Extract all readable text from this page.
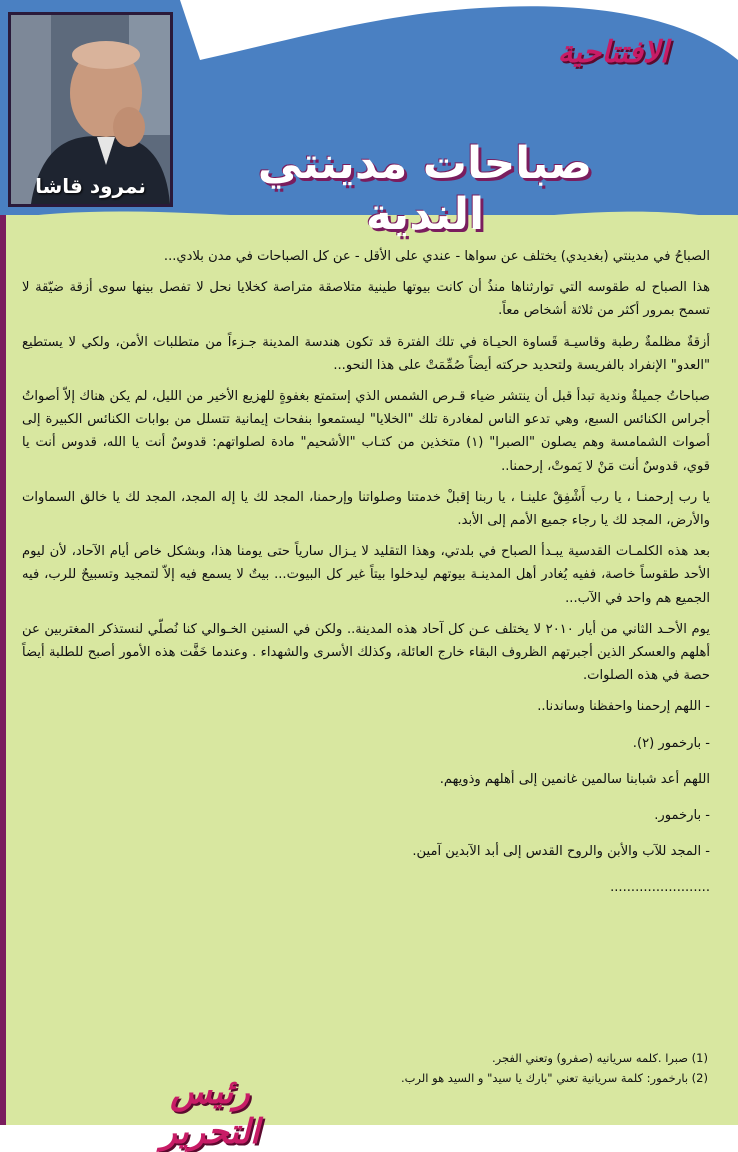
نمرود قاشا
الافتتاحية
صباحات مدينتي الندية

الصباحُ في مدينتي (بغديدي) يختلف عن سواها - عندي على الأقل - عن كل الصباحات في مدن بلادي...

هذا الصباح له طقوسه التي توارثناها منذُ أن كانت بيوتها طينية متلاصقة متراصة كخلايا نحل لا تفصل بينها سوى أزقة ضيّقة لا تسمح بمرور أكثر من ثلاثة أشخاص معاً.

أزقةٌ مظلمةٌ رطبة وقاسيـة قَساوة الحيـاة في تلك الفترة قد تكون هندسة المدينة جـزءاً من متطلبات الأمن، ولكي لا يستطيع "العدو" الإنفراد بالفريسة ولتحديد حركته أيضاً صُمِّمَتْ على هذا النحو...

صباحاتُ جميلةٌ وندية تبدأ قبل أن ينتشر ضياء قـرص الشمس الذي إستمتع بغفوةٍ للهزيع الأخير من الليل، لم يكن هناك إلاّ أصواتُ أجراس الكنائس السبع، وهي تدعو الناس لمغادرة تلك "الخلايا" ليستمعوا بنفحات إيمانية تتسلل من بوابات الكنائس الكبيرة إلى أصوات الشمامسة وهم يصلون "الصبرا" (١) متخذين من كتـاب "الأشحيم" مادة لصلواتهم: قدوسٌ أنت يا الله، قدوس أنت يا قوي، قدوسٌ أنت مَنْ لا يَموتْ، إرحمنا..

يا رب إرحمنـا ، يا رب أَشْفِقْ علينـا ، يا ربنا إقبلْ خدمتنا وصلواتنا وإرحمنا، المجد لك يا إله المجد، المجد لك يا خالق السماوات والأرض، المجد لك يا رجاء جميع الأمم إلى الأبد.

بعد هذه الكلمـات القدسية يبـدأ الصباح في بلدتي، وهذا التقليد لا يـزال سارياً حتى يومنا هذا، وبشكل خاص أيام الآحاد، لأن ليوم الأحد طقوساً خاصة، ففيه يُغادر أهل المدينـة بيوتهم ليدخلوا بيتاً غير كل البيوت... بيتٌ لا يسمع فيه إلاّ لتمجيد وتسبيحٌ للرب، فيه الجميع هم واحد في الآب...

يوم الأحـد الثاني من أيار ٢٠١٠ لا يختلف عـن كل آحاد هذه المدينة.. ولكن في السنين الخـوالي كنا نُصلّي لنستذكر المغتربين عن أهلهم والعسكر الذين أجبرتهم الظروف البقاء خارج العائلة، وكذلك الأسرى والشهداء . وعندما خَفَّت هذه الأمور أصبح للطلبة أيضاً حصة في هذه الصلوات.

- اللهم إرحمنا واحفظنا وساندنا..

- بارخمور (٢).

اللهم أعد شبابنا سالمين غانمين إلى أهلهم وذويهم.

- بارخمور.

- المجد للآب والأبن والروح القدس إلى أبد الآبدين آمين.

........................

(1) صبرا .كلمه سريانيه (صفرو) وتعني الفجر.
(2) بارخمور: كلمة سريانية تعني "بارك يا سيد" و السيد هو الرب.
رئيس التحرير
